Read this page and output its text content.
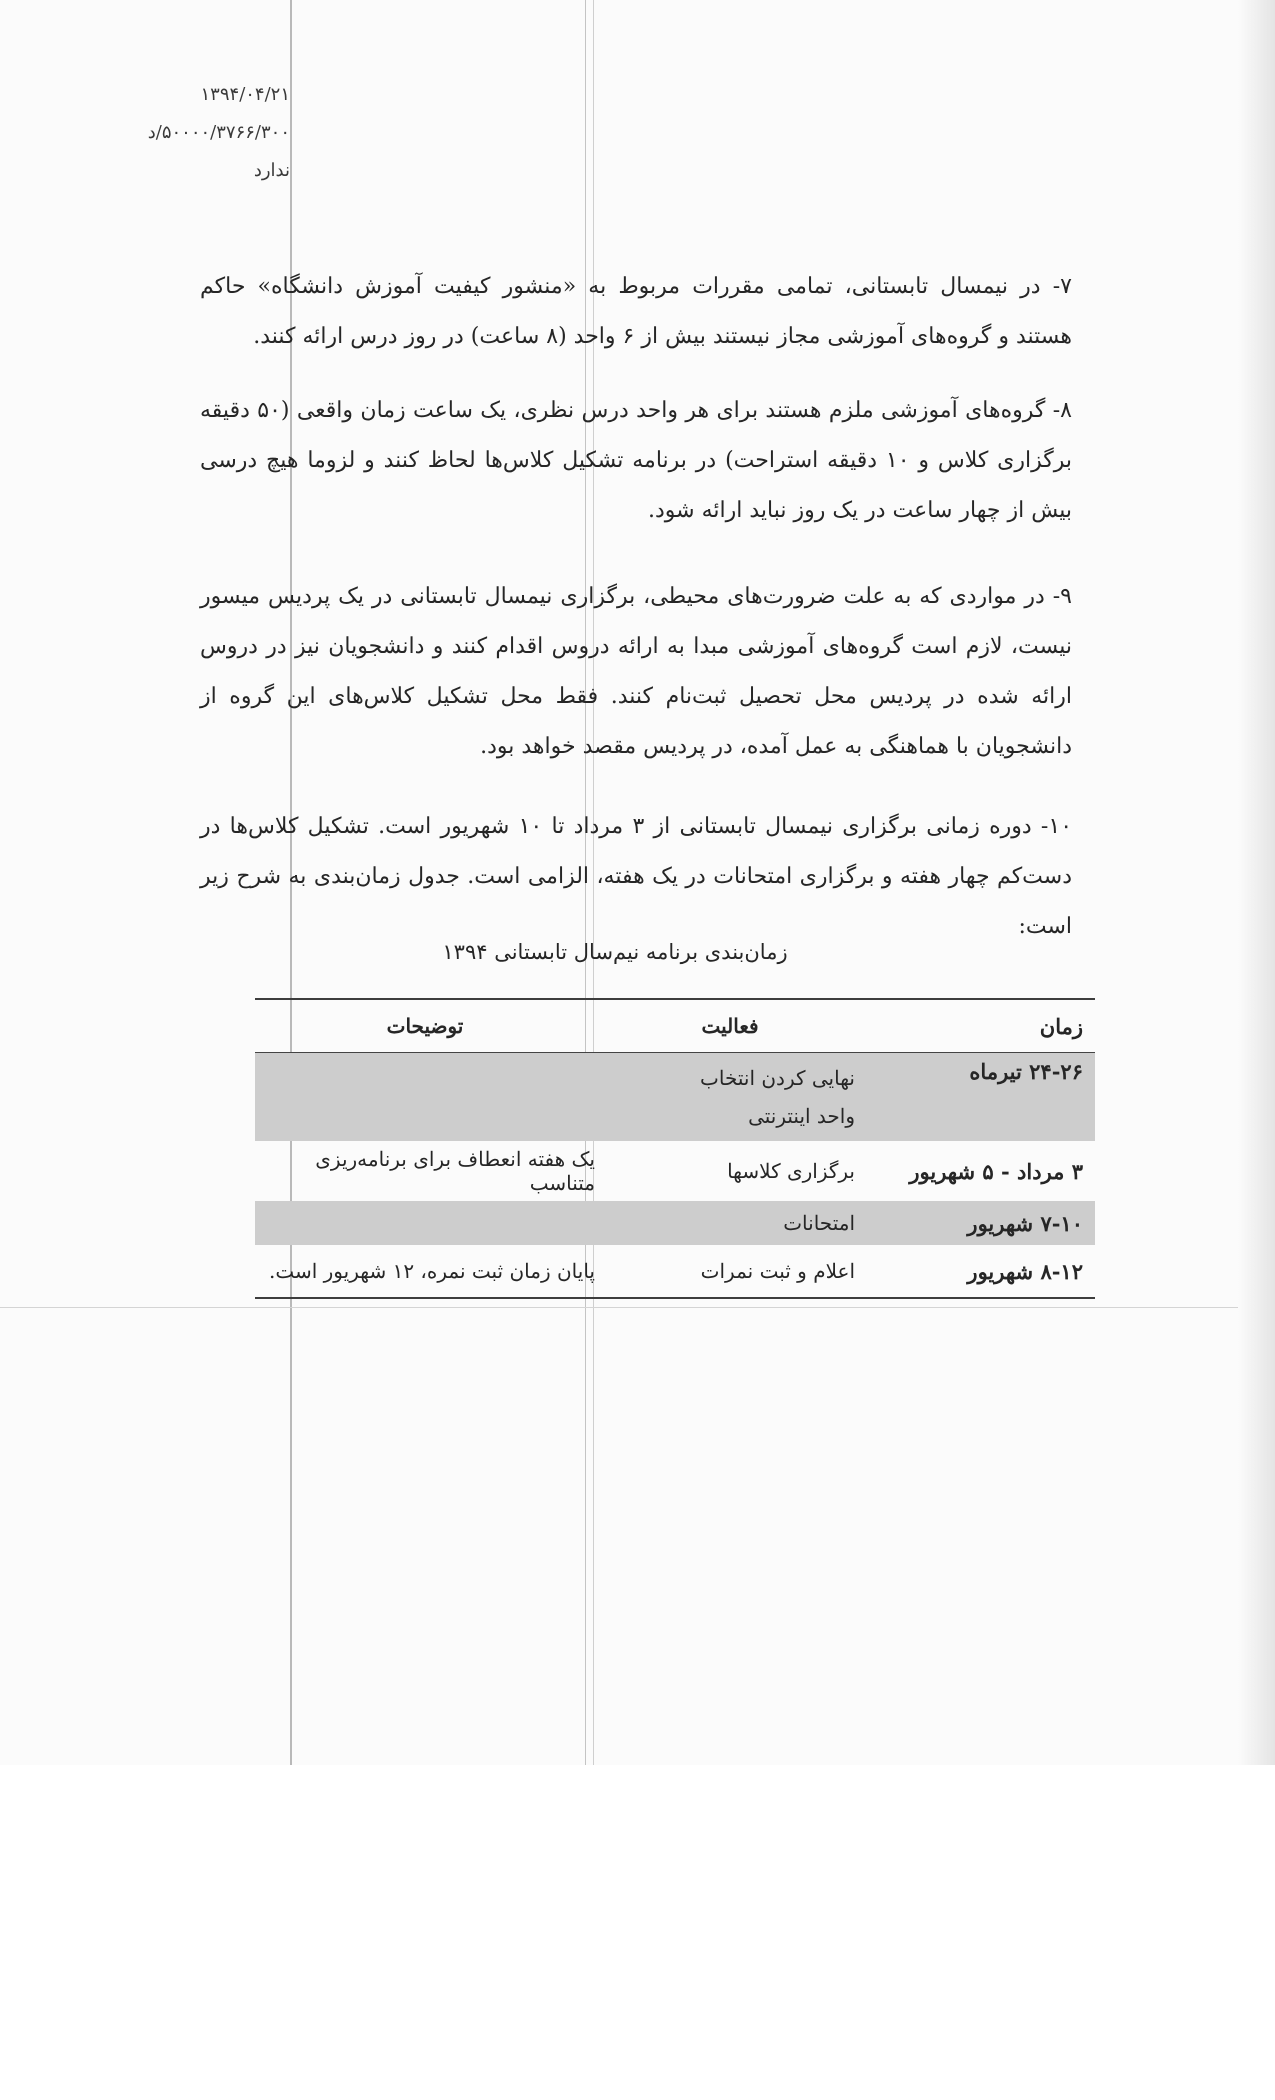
۱۳۹۴/۰۴/۲۱
۵۰۰۰۰/۳۷۶۶/۳۰۰/د
ندارد

۷- در نیمسال تابستانی، تمامی مقررات مربوط به «منشور کیفیت آموزش دانشگاه» حاکم هستند و گروه‌های آموزشی مجاز نیستند بیش از ۶ واحد (۸ ساعت) در روز درس ارائه کنند.

۸- گروه‌های آموزشی ملزم هستند برای هر واحد درس نظری، یک ساعت زمان واقعی (۵۰ دقیقه برگزاری کلاس و ۱۰ دقیقه استراحت) در برنامه تشکیل کلاس‌ها لحاظ کنند و لزوما هیچ درسی بیش از چهار ساعت در یک روز نباید ارائه شود.

۹- در مواردی که به علت ضرورت‌های محیطی، برگزاری نیمسال تابستانی در یک پردیس میسور نیست، لازم است گروه‌های آموزشی مبدا به ارائه دروس اقدام کنند و دانشجویان نیز در دروس ارائه شده در پردیس محل تحصیل ثبت‌نام کنند. فقط محل تشکیل کلاس‌های این گروه از دانشجویان با هماهنگی به عمل آمده، در پردیس مقصد خواهد بود.

۱۰- دوره زمانی برگزاری نیمسال تابستانی از ۳ مرداد تا ۱۰ شهریور است. تشکیل کلاس‌ها در دست‌کم چهار هفته و برگزاری امتحانات در یک هفته، الزامی است. جدول زمان‌بندی به شرح زیر است:

زمان‌بندی برنامه نیم‌سال تابستانی ۱۳۹۴
زمان
فعالیت
توضیحات
۲۴-۲۶ تیرماه
نهایی کردن انتخاب
واحد اینترنتی
۳ مرداد - ۵ شهریور
برگزاری کلاسها
یک هفته انعطاف برای برنامه‌ریزی متناسب
۷-۱۰ شهریور
امتحانات
۸-۱۲ شهریور
اعلام و ثبت نمرات
پایان زمان ثبت نمره، ۱۲ شهریور است.
